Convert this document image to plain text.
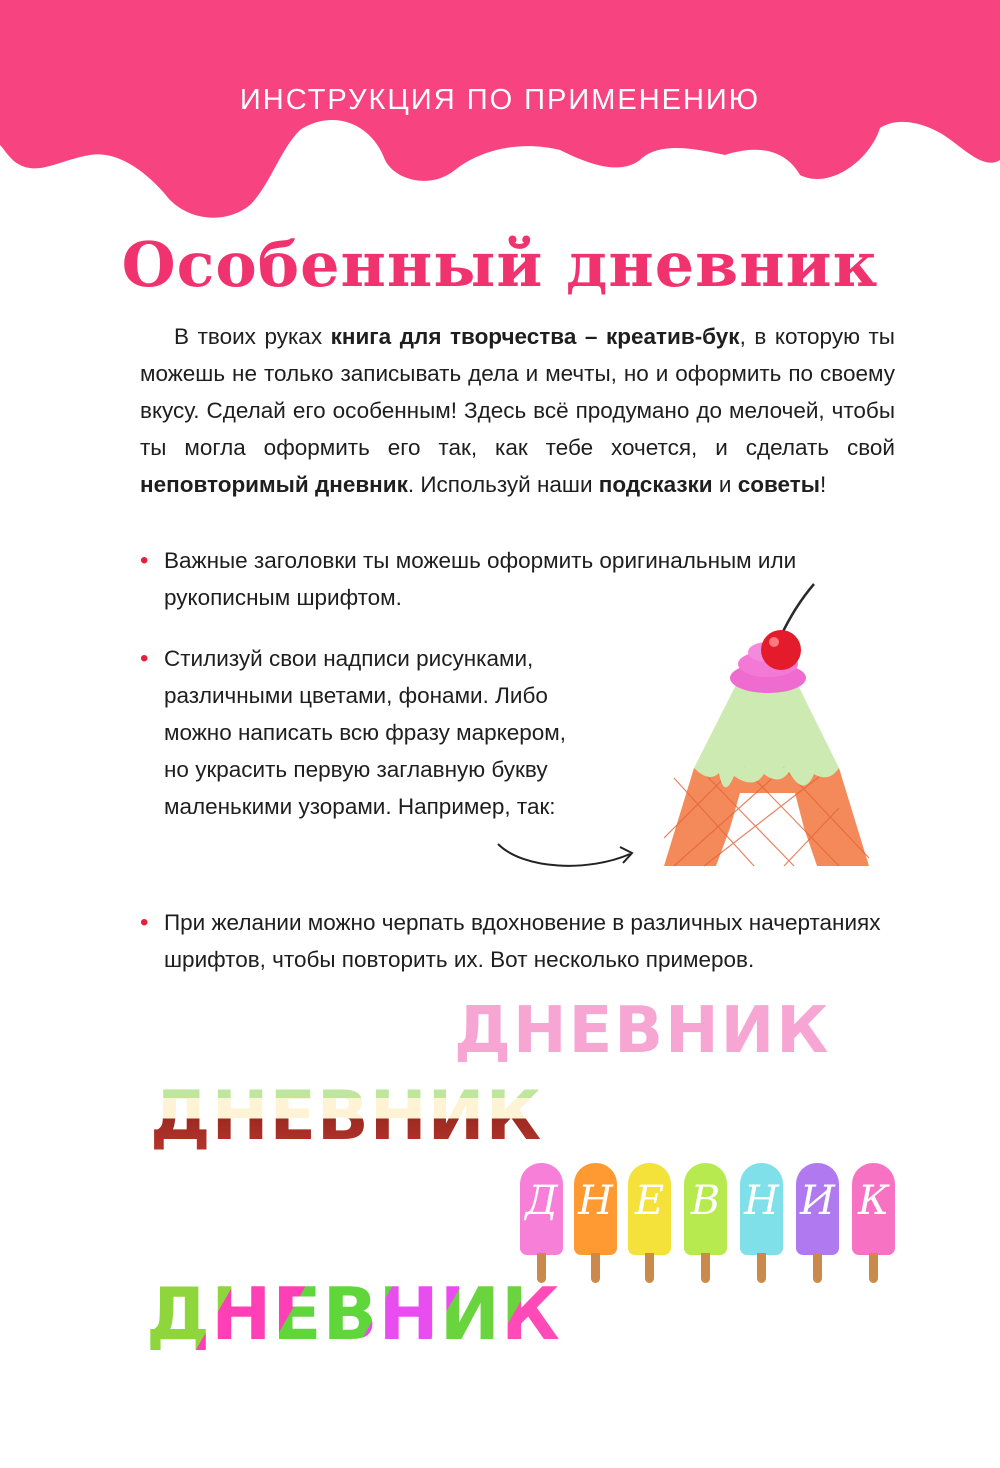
ИНСТРУКЦИЯ ПО ПРИМЕНЕНИЮ
Особенный дневник

В твоих руках книга для творчества – креатив-бук, в которую ты можешь не только записывать дела и мечты, но и оформить по своему вкусу. Сделай его особенным! Здесь всё продумано до мелочей, чтобы ты могла оформить его так, как тебе хочется, и сделать свой неповторимый дневник. Используй наши подсказки и советы!

• Важные заголовки ты можешь оформить оригинальным или рукописным шрифтом.
• Стилизуй свои надписи рисунками, различными цветами, фонами. Либо можно написать всю фразу маркером, но украсить первую заглавную букву маленькими узорами. Например, так:
• При желании можно черпать вдохновение в различных начертаниях шрифтов, чтобы повторить их. Вот несколько примеров.
ДНЕВНИК
ДНЕВНИК
Д Н Е В Н И К
ДНЕВНИК
